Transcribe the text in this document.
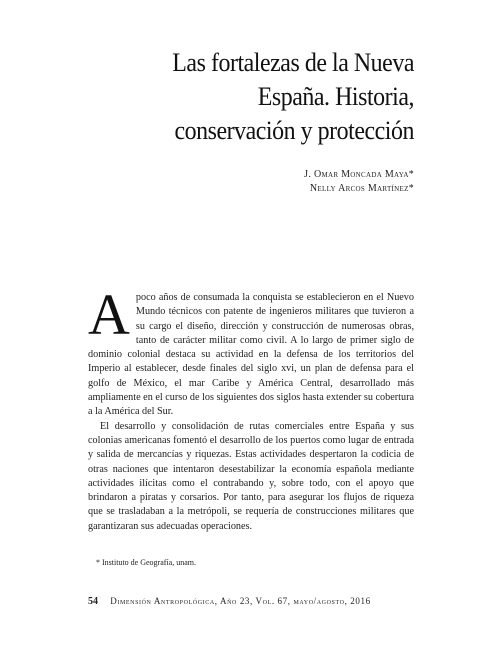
Las fortalezas de la Nueva
España. Historia,
conservación y protección
J. Omar Moncada Maya*
Nelly Arcos Martínez*

A poco años de consumada la conquista se establecieron en el Nuevo Mundo técnicos con patente de ingenieros militares que tuvieron a su cargo el diseño, dirección y construcción de numerosas obras, tanto de carácter militar como civil. A lo largo de primer siglo de dominio colonial destaca su actividad en la defensa de los territorios del Imperio al establecer, desde finales del siglo xvi, un plan de defensa para el golfo de México, el mar Caribe y América Central, desarrollado más ampliamente en el curso de los siguientes dos siglos hasta extender su cobertura a la América del Sur.

El desarrollo y consolidación de rutas comerciales entre España y sus colonias americanas fomentó el desarrollo de los puertos como lugar de entrada y salida de mercancías y riquezas. Estas actividades despertaron la codicia de otras naciones que intentaron desestabilizar la economía española mediante actividades ilícitas como el contrabando y, sobre todo, con el apoyo que brindaron a piratas y corsarios. Por tanto, para asegurar los flujos de riqueza que se trasladaban a la metrópoli, se requería de construcciones militares que garantizaran sus adecuadas operaciones.

* Instituto de Geografía, unam.
54 Dimensión Antropológica, Año 23, Vol. 67, mayo/agosto, 2016
